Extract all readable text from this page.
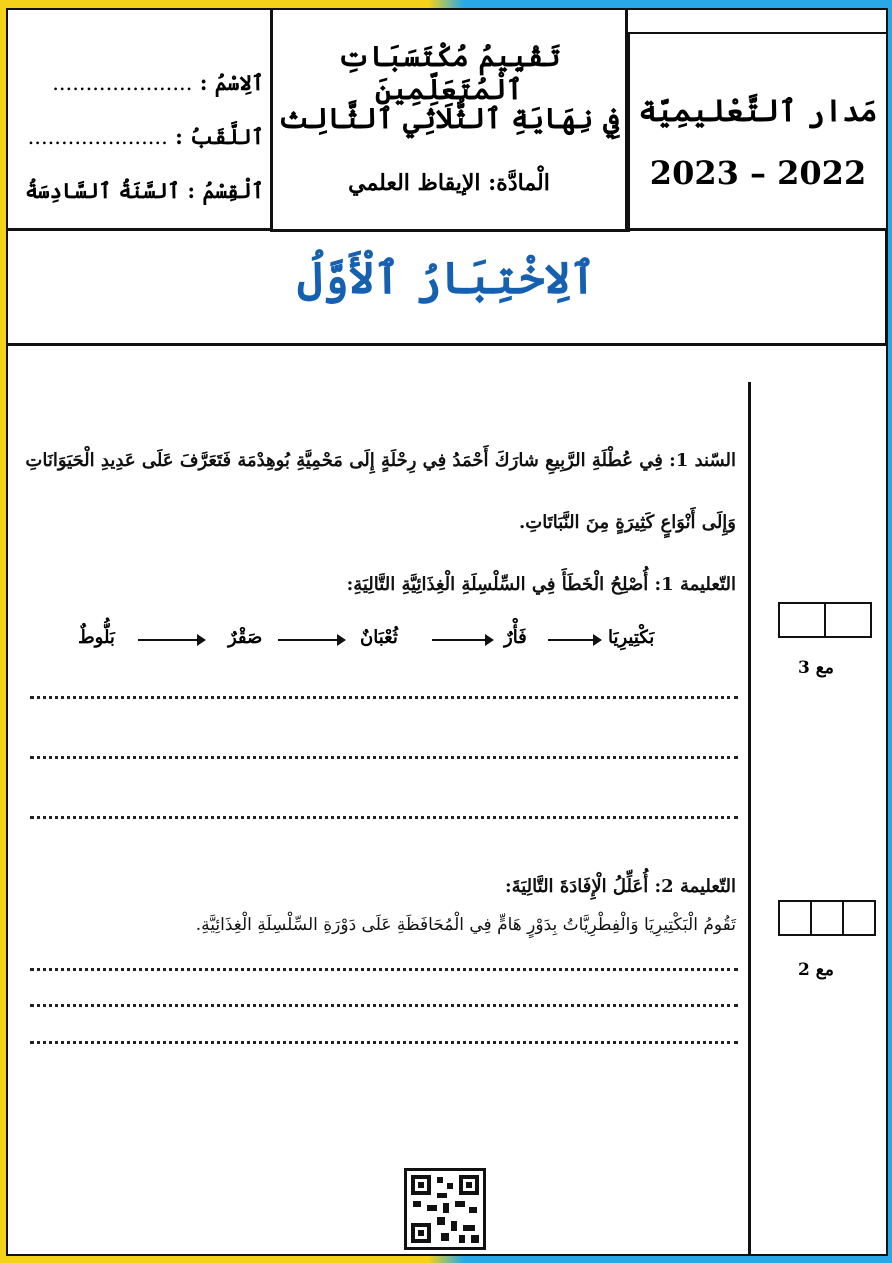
ٱلِاسْمُ : .....................
ٱللَّقَبُ : .....................
ٱلْقِسْمُ : ٱلسَّنَةُ ٱلسَّادِسَةُ
تَقْيِيمُ مُكْتَسَبَاتِ ٱلْمُتَعَلِّمِينَ
فِي نِهَايَةِ ٱلثُّلَاثِي ٱلثَّالِث
الْمادَّة: الإيقاظ العلمي
مَدار ٱلتَّعْليمِيّة
2023 – 2022
ٱلِاخْتِبَارُ ٱلْأَوَّلُ
السّند 1: فِي عُطْلَةِ الرَّبِيعِ شارَكَ أَحْمَدُ فِي رِحْلَةٍ إِلَى مَحْمِيَّةِ بُوهِدْمَة فَتَعَرَّفَ عَلَى عَدِيدِ الْحَيَوَانَاتِ
وَإِلَى أَنْوَاعٍ كَثِيرَةٍ مِنَ النَّبَاتَاتِ.
التّعليمة 1: أُصْلِحُ الْخَطَأَ فِي السِّلْسِلَةِ الْغِذَائِيَّةِ التَّالِيَةِ:
بَلُّوطٌ	صَقْرٌ	ثُعْبَانٌ	فَأْرٌ	بَكْتِيرِيَا
التّعليمة 2: أُعَلِّلُ الْإِفَادَةَ التَّالِيَةَ:
تَقُومُ الْبَكْتِيرِيَا وَالْفِطْرِيَّاتُ بِدَوْرٍ هَامٍّ فِي الْمُحَافَظَةِ عَلَى دَوْرَةِ السِّلْسِلَةِ الْغِذَائِيَّةِ.
مع 3
مع 2
